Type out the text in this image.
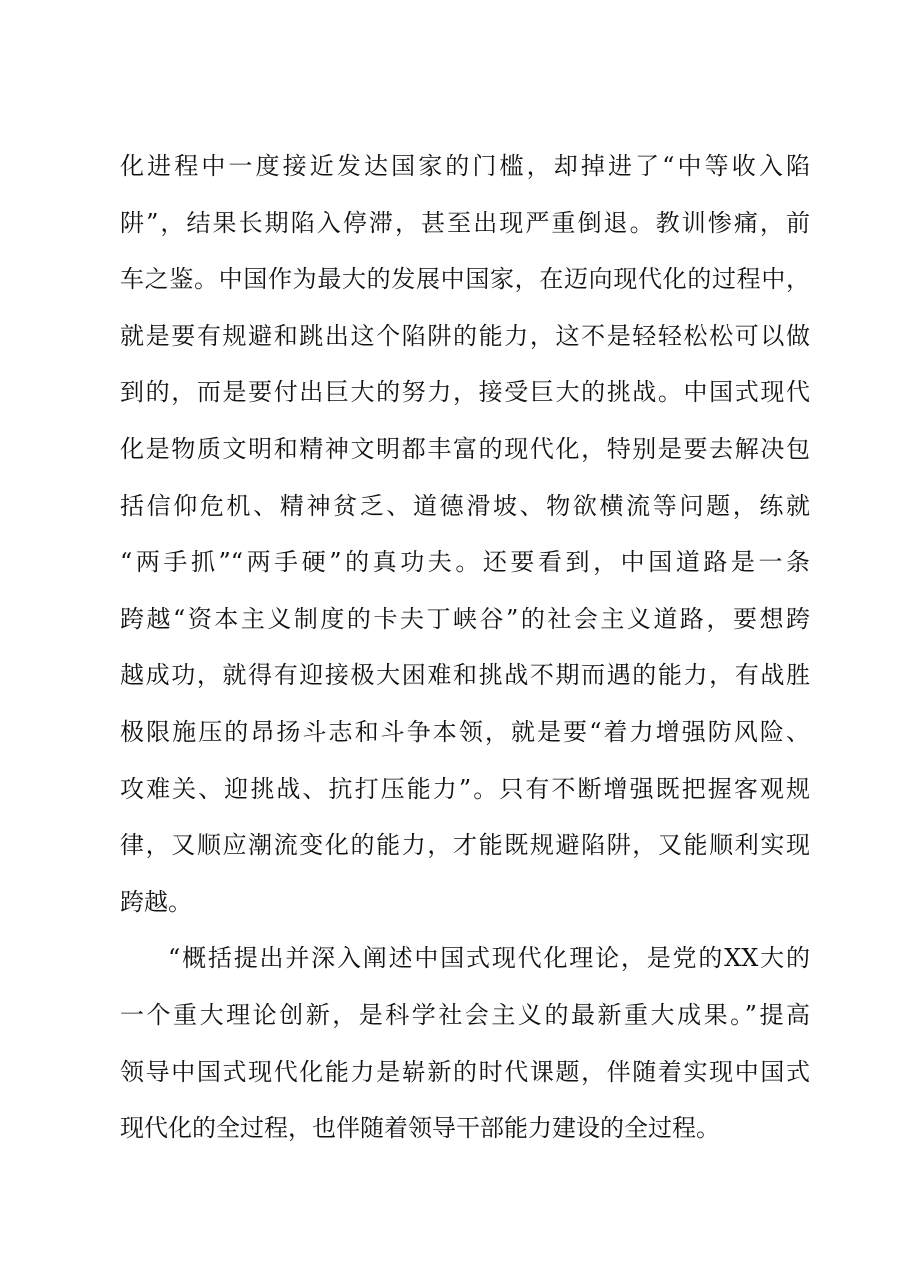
化进程中一度接近发达国家的门槛，却掉进了“中等收入陷
阱”，结果长期陷入停滞，甚至出现严重倒退。教训惨痛，前
车之鉴。中国作为最大的发展中国家，在迈向现代化的过程中，
就是要有规避和跳出这个陷阱的能力，这不是轻轻松松可以做
到的，而是要付出巨大的努力，接受巨大的挑战。中国式现代
化是物质文明和精神文明都丰富的现代化，特别是要去解决包
括信仰危机、精神贫乏、道德滑坡、物欲横流等问题，练就
“两手抓”“两手硬”的真功夫。还要看到，中国道路是一条
跨越“资本主义制度的卡夫丁峡谷”的社会主义道路，要想跨
越成功，就得有迎接极大困难和挑战不期而遇的能力，有战胜
极限施压的昂扬斗志和斗争本领，就是要“着力增强防风险、
攻难关、迎挑战、抗打压能力”。只有不断增强既把握客观规
律，又顺应潮流变化的能力，才能既规避陷阱，又能顺利实现
跨越。
“概括提出并深入阐述中国式现代化理论，是党的XX大的
一个重大理论创新，是科学社会主义的最新重大成果。”提高
领导中国式现代化能力是崭新的时代课题，伴随着实现中国式
现代化的全过程，也伴随着领导干部能力建设的全过程。
